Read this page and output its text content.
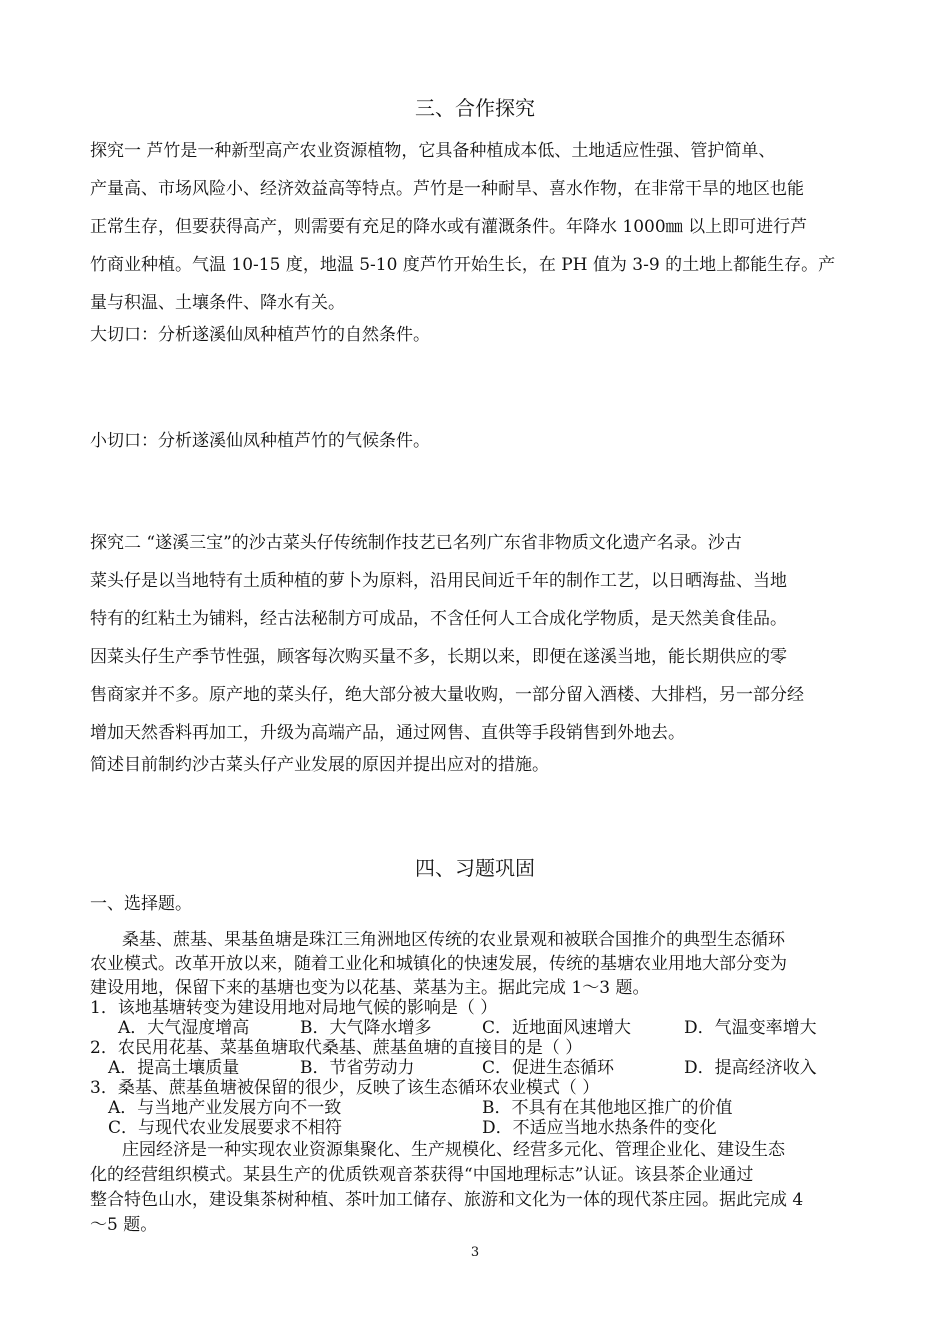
三、合作探究
探究一 芦竹是一种新型高产农业资源植物，它具备种植成本低、土地适应性强、管护简单、
产量高、市场风险小、经济效益高等特点。芦竹是一种耐旱、喜水作物，在非常干旱的地区也能
正常生存，但要获得高产，则需要有充足的降水或有灌溉条件。年降水 1000㎜ 以上即可进行芦
竹商业种植。气温 10-15 度，地温 5-10 度芦竹开始生长，在 PH 值为 3-9 的土地上都能生存。产
量与积温、土壤条件、降水有关。
大切口：分析遂溪仙凤种植芦竹的自然条件。
小切口：分析遂溪仙凤种植芦竹的气候条件。
探究二 “遂溪三宝”的沙古菜头仔传统制作技艺已名列广东省非物质文化遗产名录。沙古
菜头仔是以当地特有土质种植的萝卜为原料，沿用民间近千年的制作工艺，以日晒海盐、当地
特有的红粘土为铺料，经古法秘制方可成品，不含任何人工合成化学物质，是天然美食佳品。
因菜头仔生产季节性强，顾客每次购买量不多，长期以来，即便在遂溪当地，能长期供应的零
售商家并不多。原产地的菜头仔，绝大部分被大量收购，一部分留入酒楼、大排档，另一部分经
增加天然香料再加工，升级为高端产品，通过网售、直供等手段销售到外地去。
简述目前制约沙古菜头仔产业发展的原因并提出应对的措施。
四、习题巩固
一、选择题。
桑基、蔗基、果基鱼塘是珠江三角洲地区传统的农业景观和被联合国推介的典型生态循环
农业模式。改革开放以来，随着工业化和城镇化的快速发展，传统的基塘农业用地大部分变为
建设用地，保留下来的基塘也变为以花基、菜基为主。据此完成 1～3 题。
1．该地基塘转变为建设用地对局地气候的影响是（ ）
A．大气湿度增高	B．大气降水增多	C．近地面风速增大	D．气温变率增大
2．农民用花基、菜基鱼塘取代桑基、蔗基鱼塘的直接目的是（ ）
A．提高土壤质量	B．节省劳动力	C．促进生态循环	D．提高经济收入
3．桑基、蔗基鱼塘被保留的很少，反映了该生态循环农业模式（ ）
A．与当地产业发展方向不一致	B．不具有在其他地区推广的价值
C．与现代农业发展要求不相符	D．不适应当地水热条件的变化
庄园经济是一种实现农业资源集聚化、生产规模化、经营多元化、管理企业化、建设生态
化的经营组织模式。某县生产的优质铁观音茶获得“中国地理标志”认证。该县茶企业通过
整合特色山水，建设集茶树种植、茶叶加工储存、旅游和文化为一体的现代茶庄园。据此完成 4
～5 题。
3
